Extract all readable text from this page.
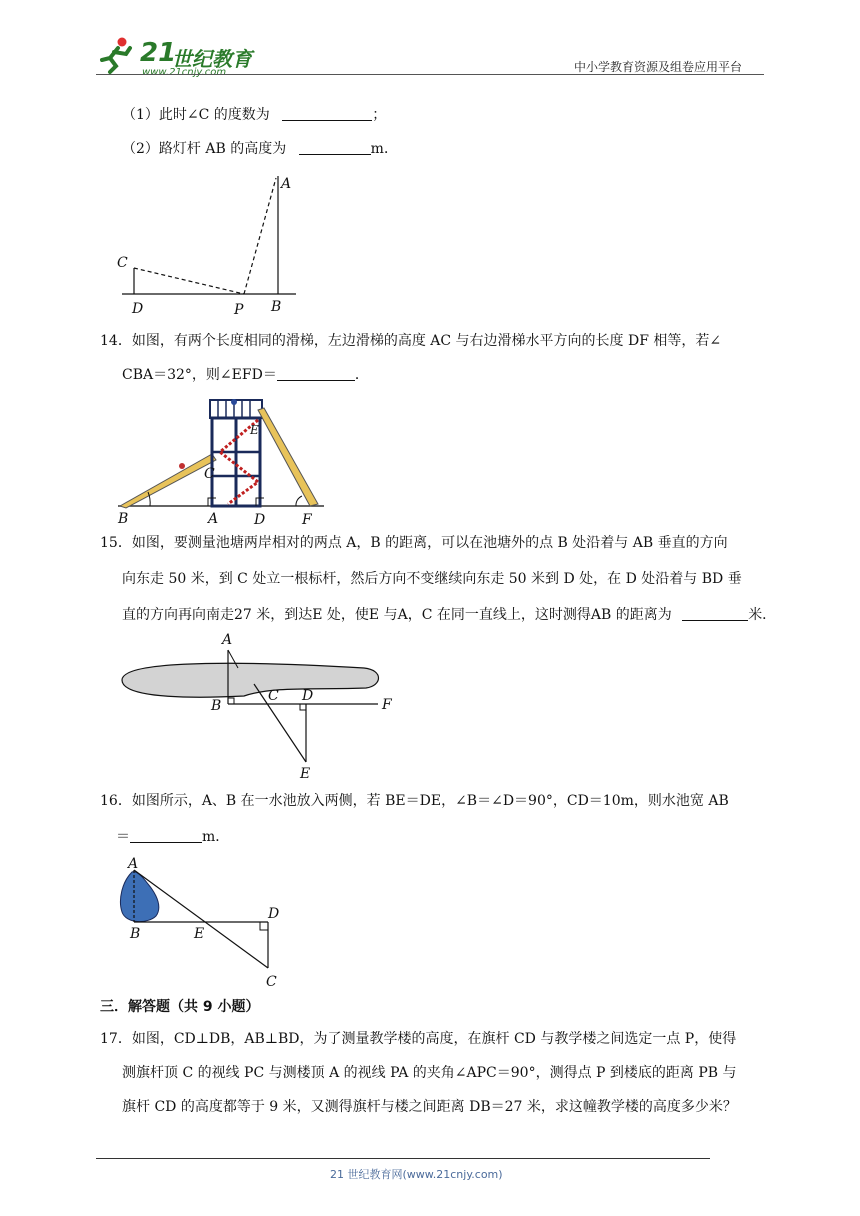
21
世纪教育
www.21cnjy.com	中小学教育资源及组卷应用平台
（1）此时∠C 的度数为	；
（2）路灯杆 AB 的高度为	m．
A
C
D	P B
14．如图，有两个长度相同的滑梯，左边滑梯的高度 AC 与右边滑梯水平方向的长度 DF 相等，若∠
CBA＝32°，则∠EFD＝	．
B	A	D	F
C
E
15．如图，要测量池塘两岸相对的两点 A，B 的距离，可以在池塘外的点 B 处沿着与 AB 垂直的方向
向东走 50 米，到 C 处立一根标杆，然后方向不变继续向东走 50 米到 D 处，在 D 处沿着与 BD 垂
直的方向再向南走27 米，到达E 处，使E 与A，C 在同一直线上，这时测得AB 的距离为	米．
A
B
C D
F
E
16．如图所示，A、B 在一水池放入两侧，若 BE＝DE，∠B＝∠D＝90°，CD＝10m，则水池宽 AB
＝	m．
A
B	E
D
C
三．解答题（共 9 小题）
17．如图，CD⊥DB，AB⊥BD，为了测量教学楼的高度，在旗杆 CD 与教学楼之间选定一点 P，使得
测旗杆顶 C 的视线 PC 与测楼顶 A 的视线 PA 的夹角∠APC＝90°，测得点 P 到楼底的距离 PB 与
旗杆 CD 的高度都等于 9 米，又测得旗杆与楼之间距离 DB＝27 米，求这幢教学楼的高度多少米？
21 世纪教育网(www.21cnjy.com)
